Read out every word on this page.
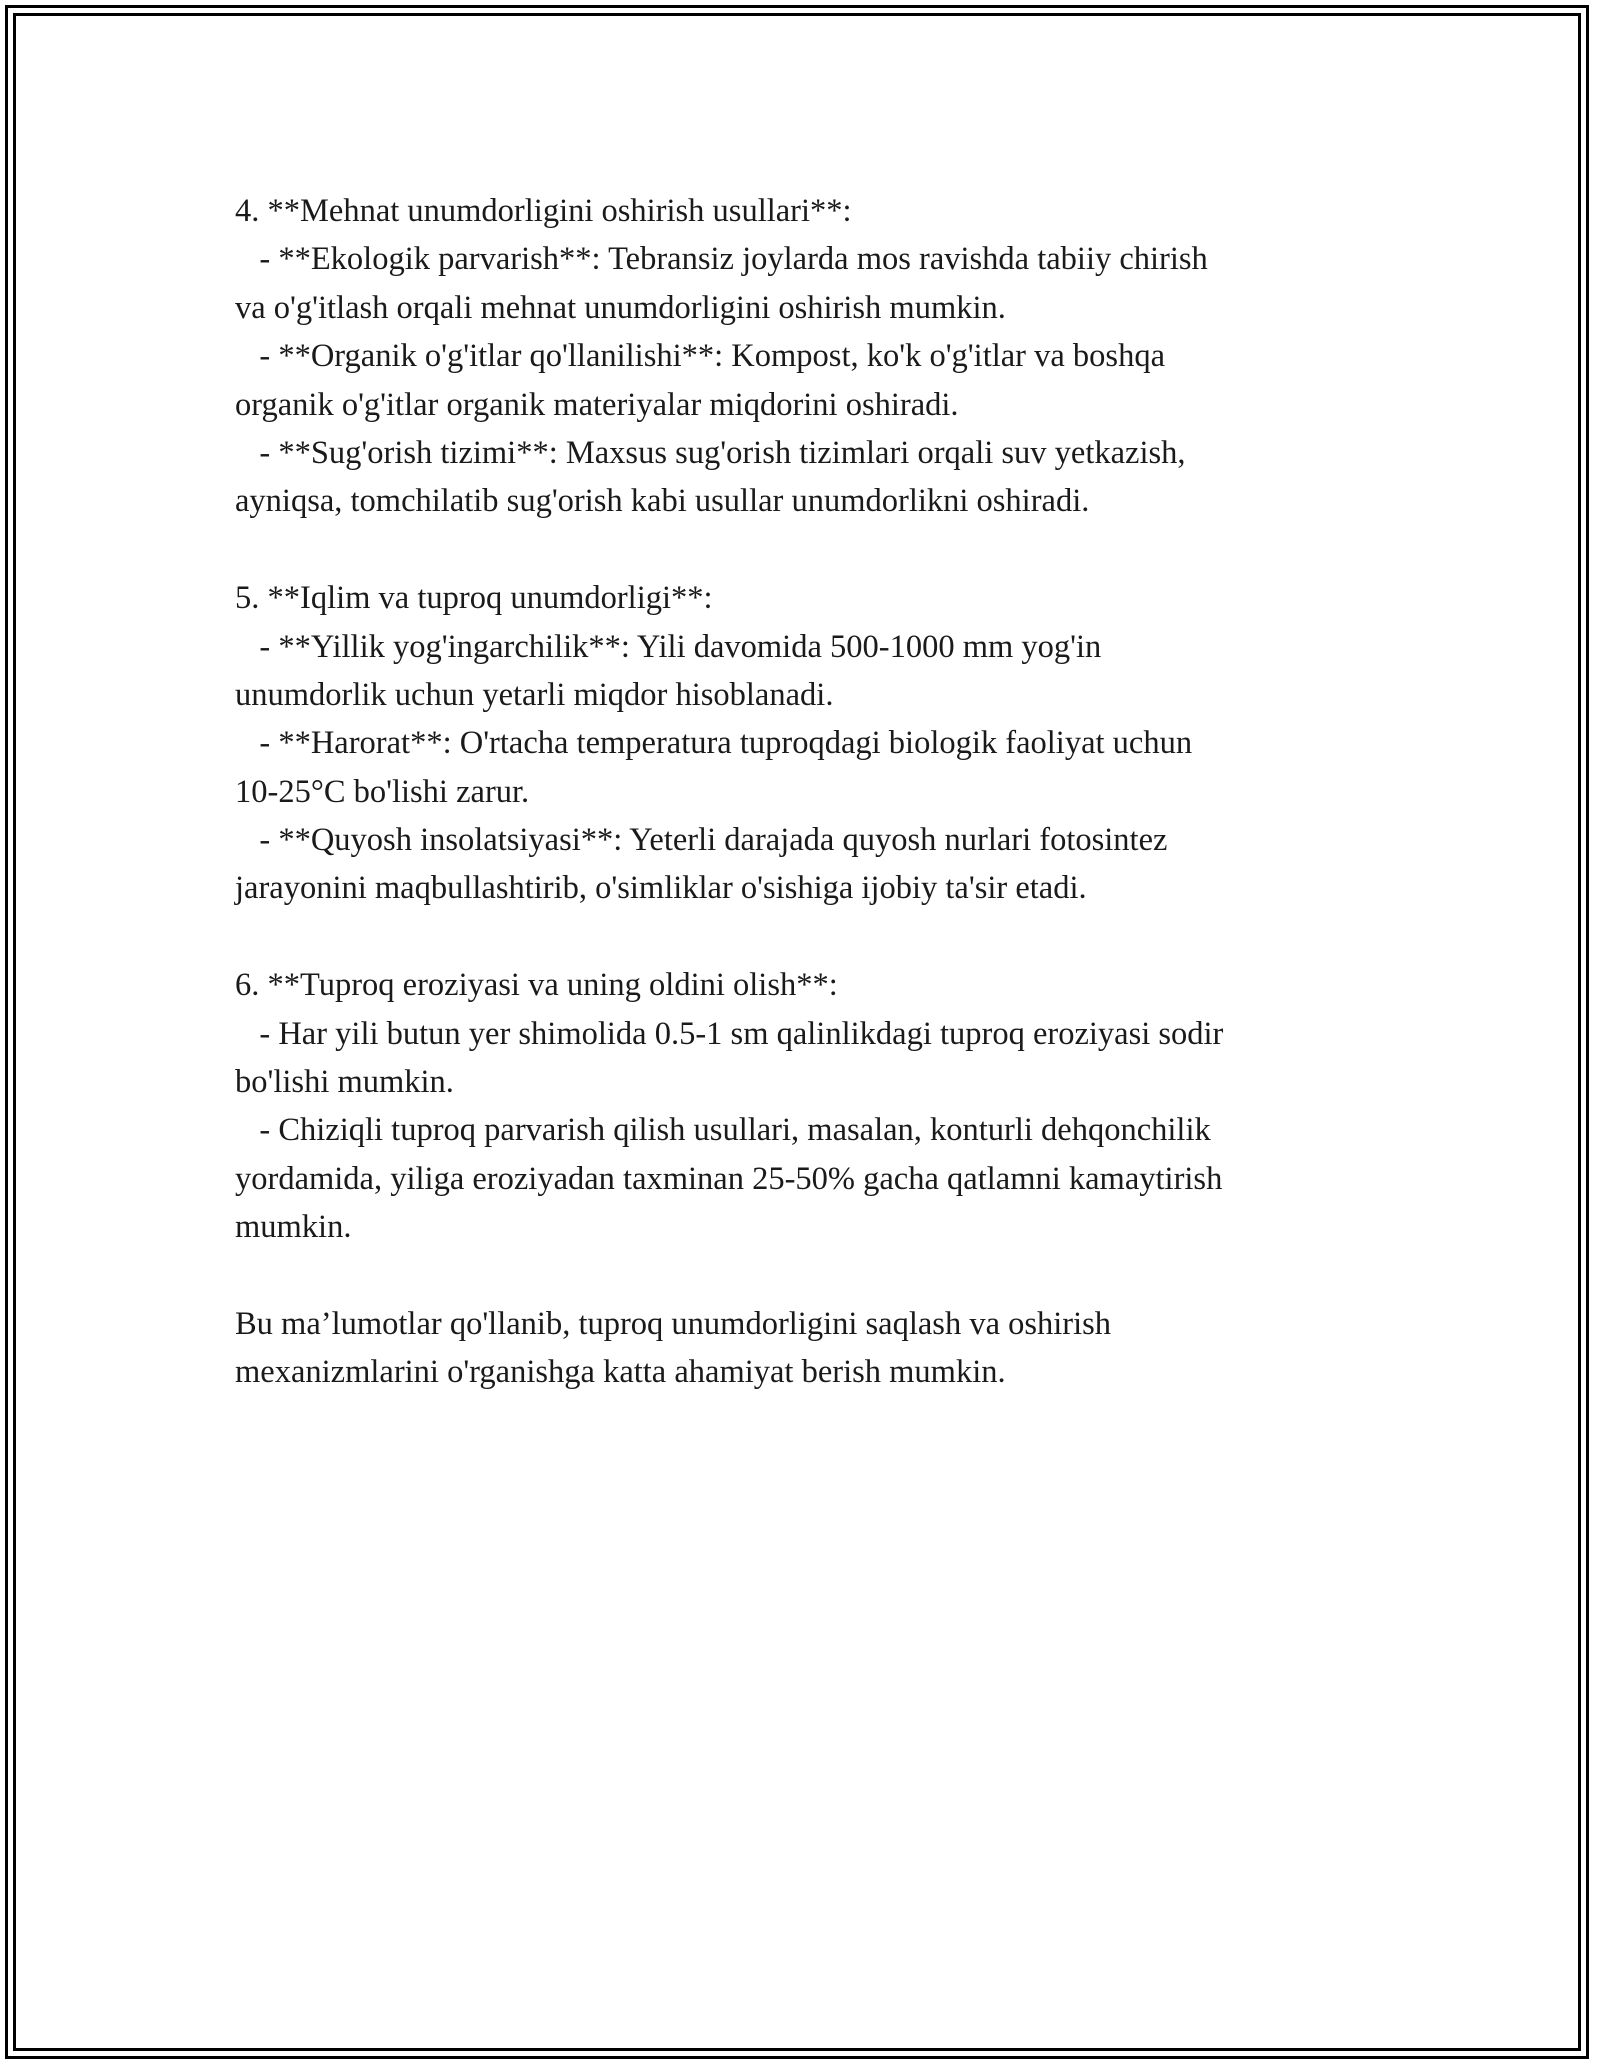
4. **Mehnat unumdorligini oshirish usullari**:
- **Ekologik parvarish**: Tebransiz joylarda mos ravishda tabiiy chirish
va o'g'itlash orqali mehnat unumdorligini oshirish mumkin.
- **Organik o'g'itlar qo'llanilishi**: Kompost, ko'k o'g'itlar va boshqa
organik o'g'itlar organik materiyalar miqdorini oshiradi.
- **Sug'orish tizimi**: Maxsus sug'orish tizimlari orqali suv yetkazish,
ayniqsa, tomchilatib sug'orish kabi usullar unumdorlikni oshiradi.
5. **Iqlim va tuproq unumdorligi**:
- **Yillik yog'ingarchilik**: Yili davomida 500-1000 mm yog'in
unumdorlik uchun yetarli miqdor hisoblanadi.
- **Harorat**: O'rtacha temperatura tuproqdagi biologik faoliyat uchun
10-25°C bo'lishi zarur.
- **Quyosh insolatsiyasi**: Yeterli darajada quyosh nurlari fotosintez
jarayonini maqbullashtirib, o'simliklar o'sishiga ijobiy ta'sir etadi.
6. **Tuproq eroziyasi va uning oldini olish**:
- Har yili butun yer shimolida 0.5-1 sm qalinlikdagi tuproq eroziyasi sodir
bo'lishi mumkin.
- Chiziqli tuproq parvarish qilish usullari, masalan, konturli dehqonchilik
yordamida, yiliga eroziyadan taxminan 25-50% gacha qatlamni kamaytirish
mumkin.
Bu ma’lumotlar qo'llanib, tuproq unumdorligini saqlash va oshirish
mexanizmlarini o'rganishga katta ahamiyat berish mumkin.
